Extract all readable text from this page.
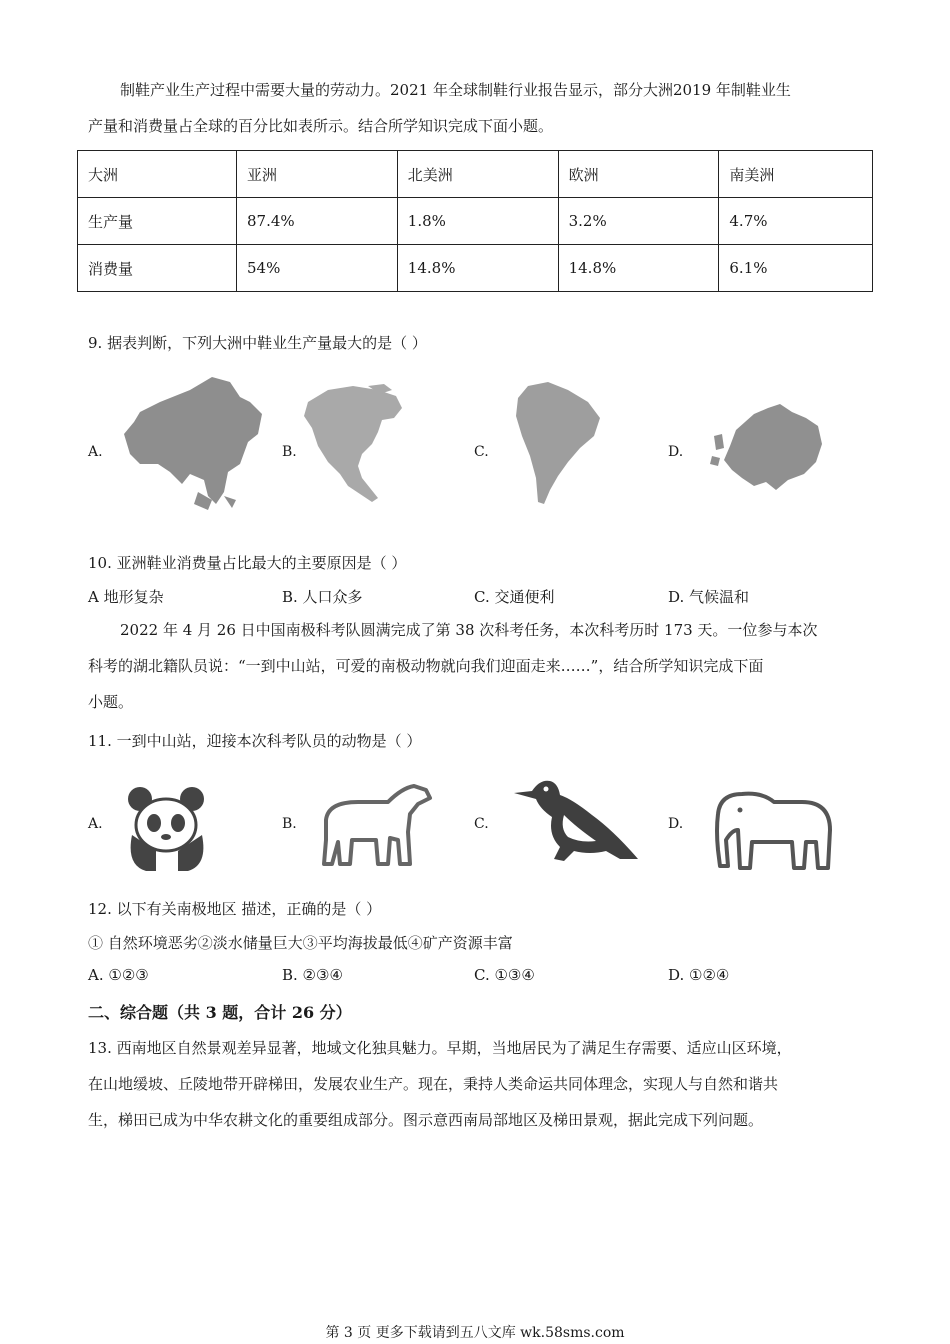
制鞋产业生产过程中需要大量的劳动力。2021 年全球制鞋行业报告显示，部分大洲2019 年制鞋业生
产量和消费量占全球的百分比如表所示。结合所学知识完成下面小题。
大洲	亚洲	北美洲	欧洲	南美洲
生产量	87.4%	1.8%	3.2%	4.7%
消费量	54%	14.8%	14.8%	6.1%
9. 据表判断，下列大洲中鞋业生产量最大的是（ ）
A.	B.	C.	D.
10. 亚洲鞋业消费量占比最大的主要原因是（ ）
A 地形复杂	B. 人口众多	C. 交通便利	D. 气候温和
2022 年 4 月 26 日中国南极科考队圆满完成了第 38 次科考任务，本次科考历时 173 天。一位参与本次
科考的湖北籍队员说：“一到中山站，可爱的南极动物就向我们迎面走来……”，结合所学知识完成下面
小题。
11. 一到中山站，迎接本次科考队员的动物是（ ）
A.	B.	C.	D.
12. 以下有关南极地区 描述，正确的是（ ）
① 自然环境恶劣②淡水储量巨大③平均海拔最低④矿产资源丰富
A. ①②③	B. ②③④	C. ①③④	D. ①②④
二、综合题（共 3 题，合计 26 分）
13. 西南地区自然景观差异显著，地域文化独具魅力。早期，当地居民为了满足生存需要、适应山区环境，
在山地缓坡、丘陵地带开辟梯田，发展农业生产。现在，秉持人类命运共同体理念，实现人与自然和谐共
生，梯田已成为中华农耕文化的重要组成部分。图示意西南局部地区及梯田景观，据此完成下列问题。
第 3 页 更多下载请到五八文库 wk.58sms.com
